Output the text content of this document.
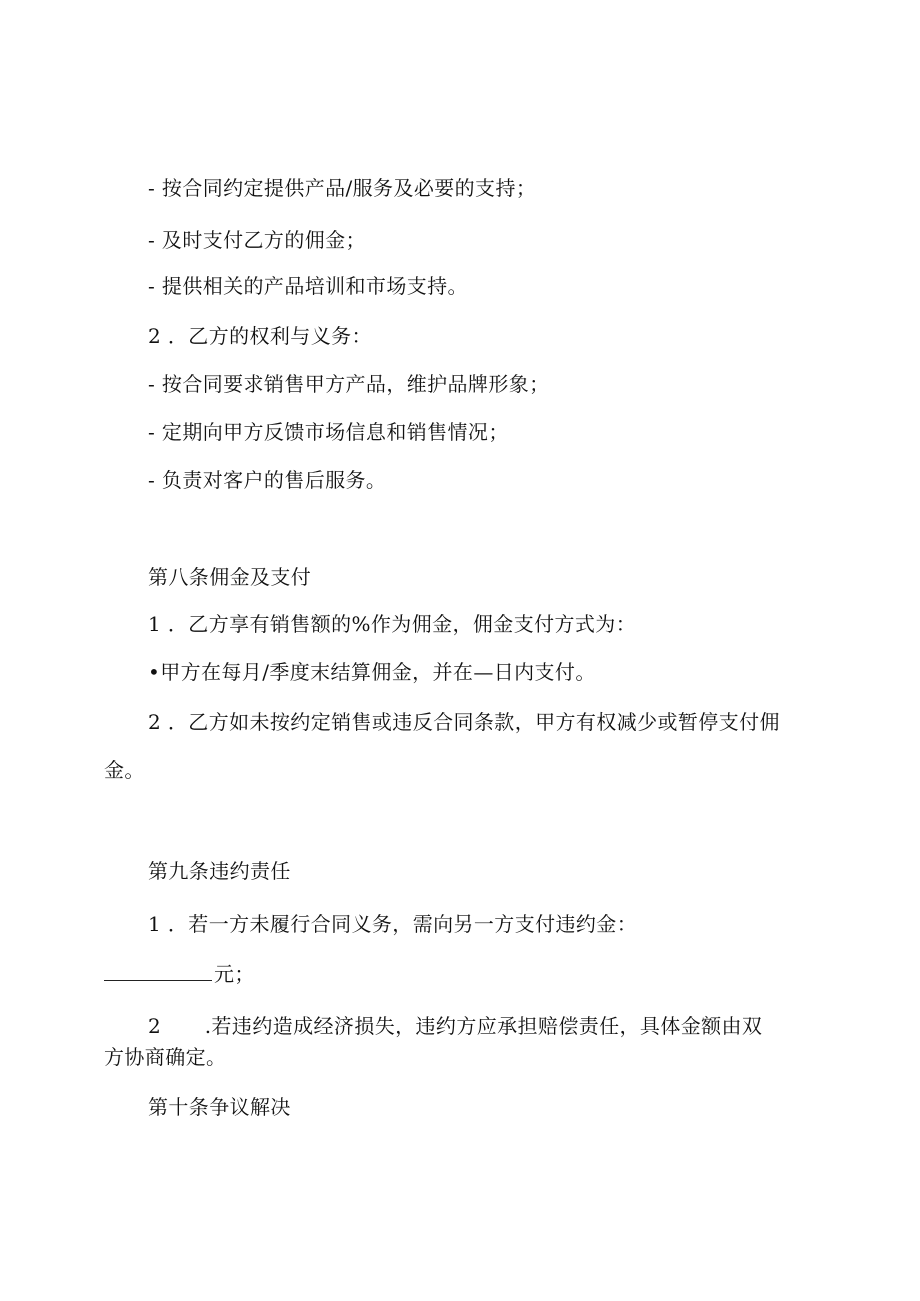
- 按合同约定提供产品/服务及必要的支持；
- 及时支付乙方的佣金；
- 提供相关的产品培训和市场支持。
2 ．乙方的权利与义务：
- 按合同要求销售甲方产品，维护品牌形象；
- 定期向甲方反馈市场信息和销售情况；
- 负责对客户的售后服务。
第八条佣金及支付
1 ．乙方享有销售额的%作为佣金，佣金支付方式为：
•甲方在每月/季度末结算佣金，并在—日内支付。
2 ．乙方如未按约定销售或违反合同条款，甲方有权减少或暂停支付佣
金。
第九条违约责任
1 ．若一方未履行合同义务，需向另一方支付违约金：
元；
2 .若违约造成经济损失，违约方应承担赔偿责任，具体金额由双
方协商确定。
第十条争议解决
